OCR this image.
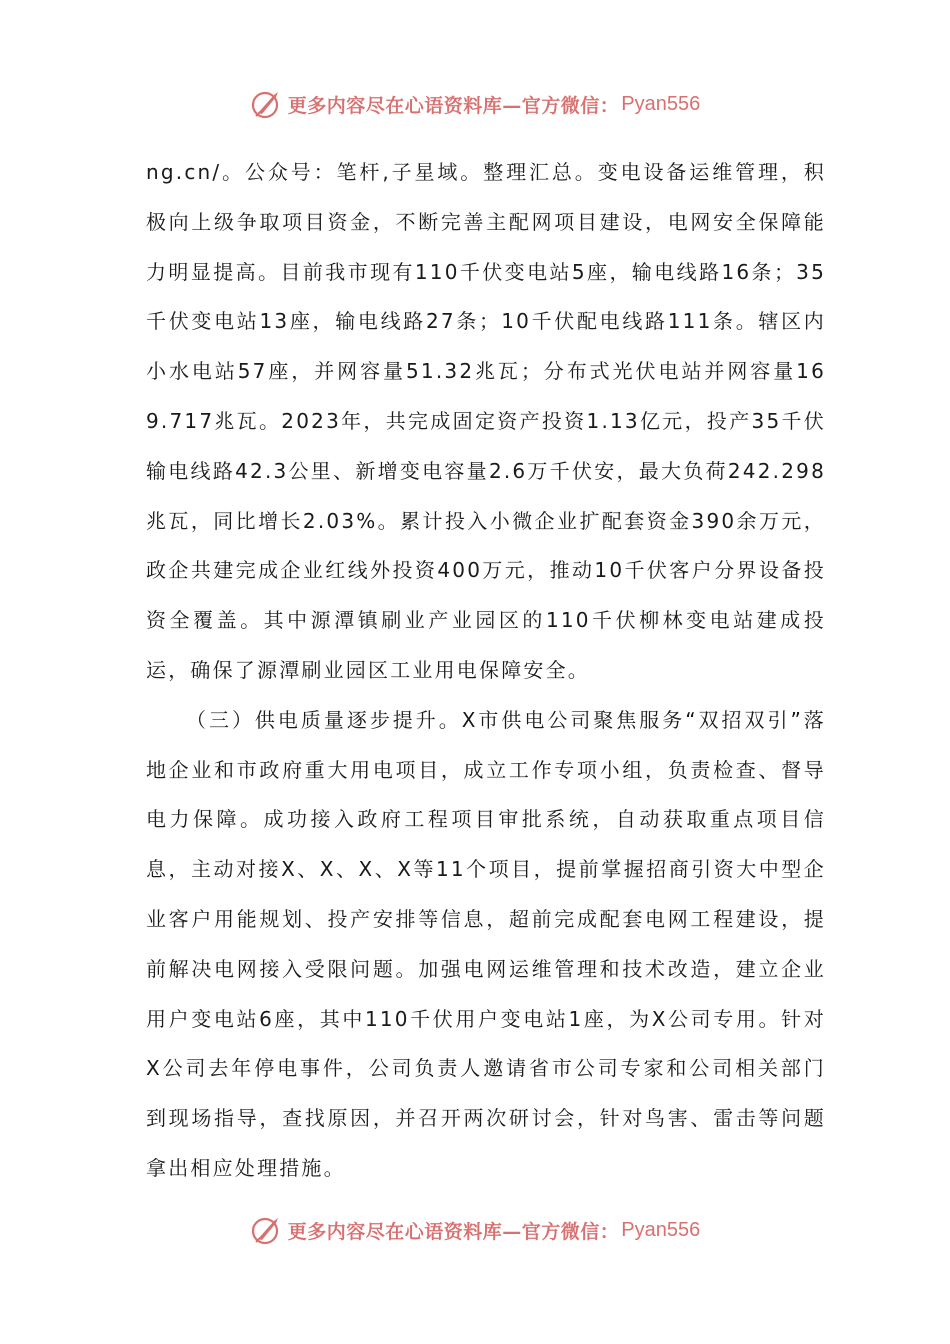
更多内容尽在心语资料库—官方微信： Pyan556

ng.cn/。公众号：笔杆,子星域。整理汇总。变电设备运维管理，积极向上级争取项目资金，不断完善主配网项目建设，电网安全保障能力明显提高。目前我市现有110千伏变电站5座，输电线路16条；35千伏变电站13座，输电线路27条；10千伏配电线路111条。辖区内小水电站57座，并网容量51.32兆瓦；分布式光伏电站并网容量169.717兆瓦。2023年，共完成固定资产投资1.13亿元，投产35千伏输电线路42.3公里、新增变电容量2.6万千伏安，最大负荷242.298兆瓦，同比增长2.03%。累计投入小微企业扩配套资金390余万元，政企共建完成企业红线外投资400万元，推动10千伏客户分界设备投资全覆盖。其中源潭镇刷业产业园区的110千伏柳林变电站建成投运，确保了源潭刷业园区工业用电保障安全。

（三）供电质量逐步提升。X市供电公司聚焦服务“双招双引”落地企业和市政府重大用电项目，成立工作专项小组，负责检查、督导电力保障。成功接入政府工程项目审批系统，自动获取重点项目信息，主动对接X、X、X、X等11个项目，提前掌握招商引资大中型企业客户用能规划、投产安排等信息，超前完成配套电网工程建设，提前解决电网接入受限问题。加强电网运维管理和技术改造，建立企业用户变电站6座，其中110千伏用户变电站1座，为X公司专用。针对X公司去年停电事件，公司负责人邀请省市公司专家和公司相关部门到现场指导，查找原因，并召开两次研讨会，针对鸟害、雷击等问题拿出相应处理措施。

更多内容尽在心语资料库—官方微信： Pyan556
